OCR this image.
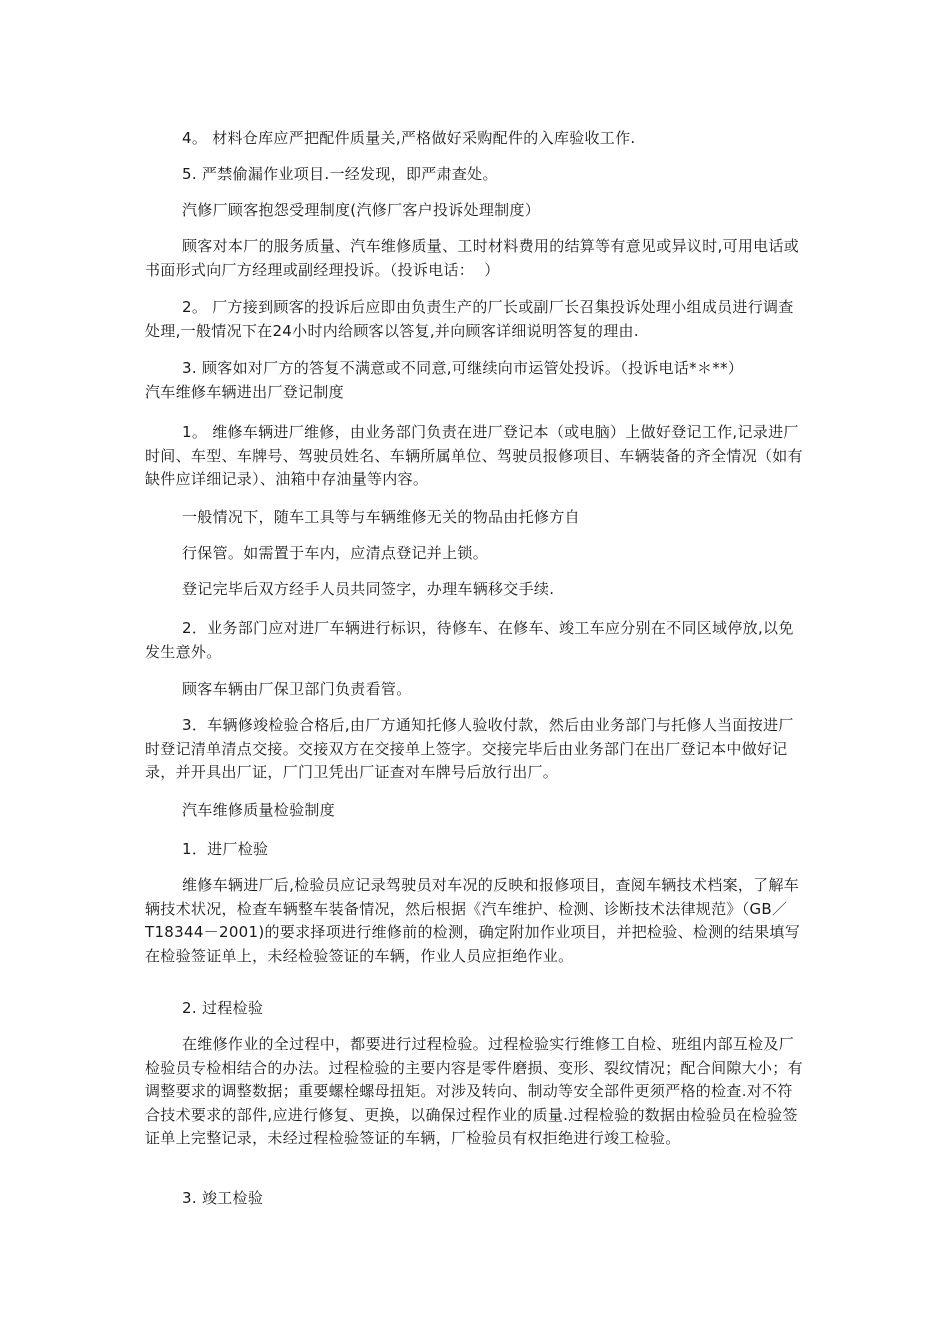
4。 材料仓库应严把配件质量关,严格做好采购配件的入库验收工作.

5. 严禁偷漏作业项目.一经发现，即严肃查处。

汽修厂顾客抱怨受理制度(汽修厂客户投诉处理制度）

顾客对本厂的服务质量、汽车维修质量、工时材料费用的结算等有意见或异议时,可用电话或书面形式向厂方经理或副经理投诉。（投诉电话：  ）

2。 厂方接到顾客的投诉后应即由负责生产的厂长或副厂长召集投诉处理小组成员进行调查处理,一般情况下在24小时内给顾客以答复,并向顾客详细说明答复的理由.

3. 顾客如对厂方的答复不满意或不同意,可继续向市运管处投诉。（投诉电话*＊**）

汽车维修车辆进出厂登记制度

1。 维修车辆进厂维修，由业务部门负责在进厂登记本（或电脑）上做好登记工作,记录进厂时间、车型、车牌号、驾驶员姓名、车辆所属单位、驾驶员报修项目、车辆装备的齐全情况（如有缺件应详细记录）、油箱中存油量等内容。

一般情况下，随车工具等与车辆维修无关的物品由托修方自

行保管。如需置于车内，应清点登记并上锁。

登记完毕后双方经手人员共同签字，办理车辆移交手续.

2．业务部门应对进厂车辆进行标识，待修车、在修车、竣工车应分别在不同区域停放,以免发生意外。

顾客车辆由厂保卫部门负责看管。

3．车辆修竣检验合格后,由厂方通知托修人验收付款，然后由业务部门与托修人当面按进厂时登记清单清点交接。交接双方在交接单上签字。交接完毕后由业务部门在出厂登记本中做好记录，并开具出厂证，厂门卫凭出厂证查对车牌号后放行出厂。

汽车维修质量检验制度

1．进厂检验

维修车辆进厂后,检验员应记录驾驶员对车况的反映和报修项目，查阅车辆技术档案，了解车辆技术状况，检查车辆整车装备情况，然后根据《汽车维护、检测、诊断技术法律规范》（GB／T18344－2001)的要求择项进行维修前的检测，确定附加作业项目，并把检验、检测的结果填写在检验签证单上，未经检验签证的车辆，作业人员应拒绝作业。

2. 过程检验

在维修作业的全过程中，都要进行过程检验。过程检验实行维修工自检、班组内部互检及厂检验员专检相结合的办法。过程检验的主要内容是零件磨损、变形、裂纹情况；配合间隙大小；有调整要求的调整数据；重要螺栓螺母扭矩。对涉及转向、制动等安全部件更须严格的检查.对不符合技术要求的部件,应进行修复、更换，以确保过程作业的质量.过程检验的数据由检验员在检验签证单上完整记录，未经过程检验签证的车辆，厂检验员有权拒绝进行竣工检验。

3. 竣工检验
